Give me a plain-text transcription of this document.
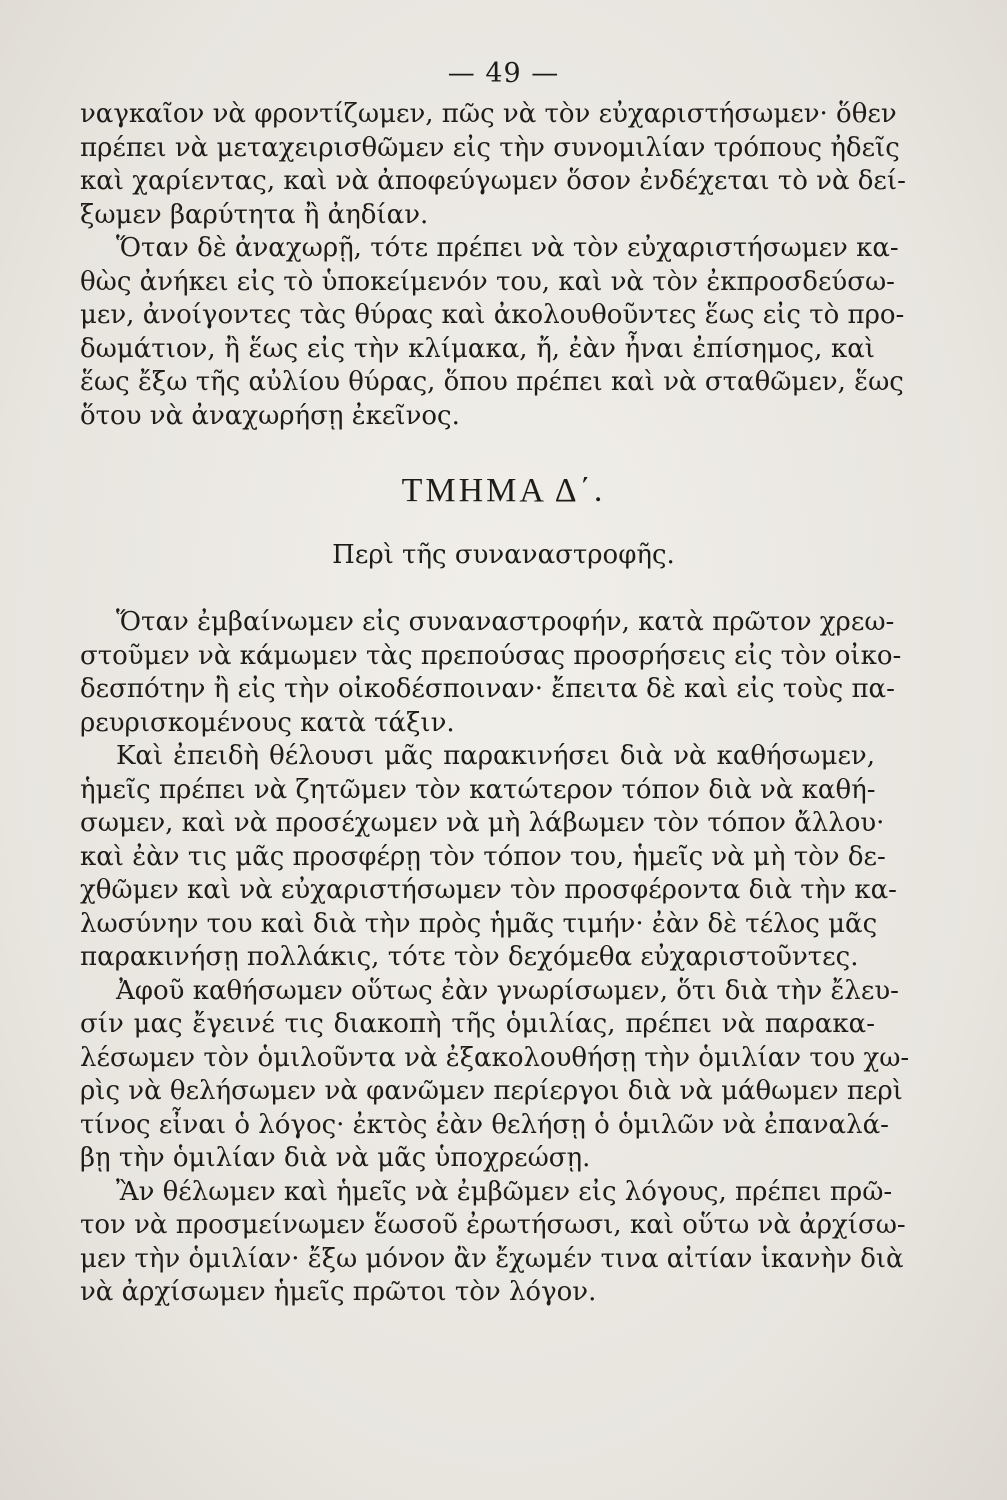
— 49 —
ναγκαῖον νὰ φροντίζωμεν, πῶς νὰ τὸν εὐχαριστήσωμεν· ὅθεν
πρέπει νὰ μεταχειρισθῶμεν εἰς τὴν συνομιλίαν τρόπους ἠδεῖς
καὶ χαρίεντας, καὶ νὰ ἀποφεύγωμεν ὅσον ἐνδέχεται τὸ νὰ δεί-
ξωμεν βαρύτητα ἢ ἀηδίαν.
Ὅταν δὲ ἀναχωρῇ, τότε πρέπει νὰ τὸν εὐχαριστήσωμεν κα-
θὼς ἀνήκει εἰς τὸ ὑποκείμενόν του, καὶ νὰ τὸν ἐκπροσδεύσω-
μεν, ἀνοίγοντες τὰς θύρας καὶ ἀκολουθοῦντες ἕως εἰς τὸ προ-
δωμάτιον, ἢ ἕως εἰς τὴν κλίμακα, ἤ, ἐὰν ἦναι ἐπίσημος, καὶ
ἕως ἔξω τῆς αὐλίου θύρας, ὅπου πρέπει καὶ νὰ σταθῶμεν, ἕως
ὅτου νὰ ἀναχωρήσῃ ἐκεῖνος.
ΤΜΗΜΑ Δ΄.
Περὶ τῆς συναναστροφῆς.
Ὅταν ἐμβαίνωμεν εἰς συναναστροφήν, κατὰ πρῶτον χρεω-
στοῦμεν νὰ κάμωμεν τὰς πρεπούσας προσρήσεις εἰς τὸν οἰκο-
δεσπότην ἢ εἰς τὴν οἰκοδέσποιναν· ἔπειτα δὲ καὶ εἰς τοὺς πα-
ρευρισκομένους κατὰ τάξιν.
Καὶ ἐπειδὴ θέλουσι μᾶς παρακινήσει διὰ νὰ καθήσωμεν,
ἡμεῖς πρέπει νὰ ζητῶμεν τὸν κατώτερον τόπον διὰ νὰ καθή-
σωμεν, καὶ νὰ προσέχωμεν νὰ μὴ λάβωμεν τὸν τόπον ἄλλου·
καὶ ἐὰν τις μᾶς προσφέρῃ τὸν τόπον του, ἡμεῖς νὰ μὴ τὸν δε-
χθῶμεν καὶ νὰ εὐχαριστήσωμεν τὸν προσφέροντα διὰ τὴν κα-
λωσύνην του καὶ διὰ τὴν πρὸς ἡμᾶς τιμήν· ἐὰν δὲ τέλος μᾶς
παρακινήσῃ πολλάκις, τότε τὸν δεχόμεθα εὐχαριστοῦντες.
Ἀφοῦ καθήσωμεν οὕτως ἐὰν γνωρίσωμεν, ὅτι διὰ τὴν ἔλευ-
σίν μας ἔγεινέ τις διακοπὴ τῆς ὁμιλίας, πρέπει νὰ παρακα-
λέσωμεν τὸν ὁμιλοῦντα νὰ ἐξακολουθήσῃ τὴν ὁμιλίαν του χω-
ρὶς νὰ θελήσωμεν νὰ φανῶμεν περίεργοι διὰ νὰ μάθωμεν περὶ
τίνος εἶναι ὁ λόγος· ἐκτὸς ἐὰν θελήσῃ ὁ ὁμιλῶν νὰ ἐπαναλά-
βῃ τὴν ὁμιλίαν διὰ νὰ μᾶς ὑποχρεώσῃ.
Ἂν θέλωμεν καὶ ἡμεῖς νὰ ἐμβῶμεν εἰς λόγους, πρέπει πρῶ-
τον νὰ προσμείνωμεν ἕωσοῦ ἐρωτήσωσι, καὶ οὕτω νὰ ἀρχίσω-
μεν τὴν ὁμιλίαν· ἔξω μόνον ἂν ἔχωμέν τινα αἰτίαν ἱκανὴν διὰ
νὰ ἀρχίσωμεν ἡμεῖς πρῶτοι τὸν λόγον.
